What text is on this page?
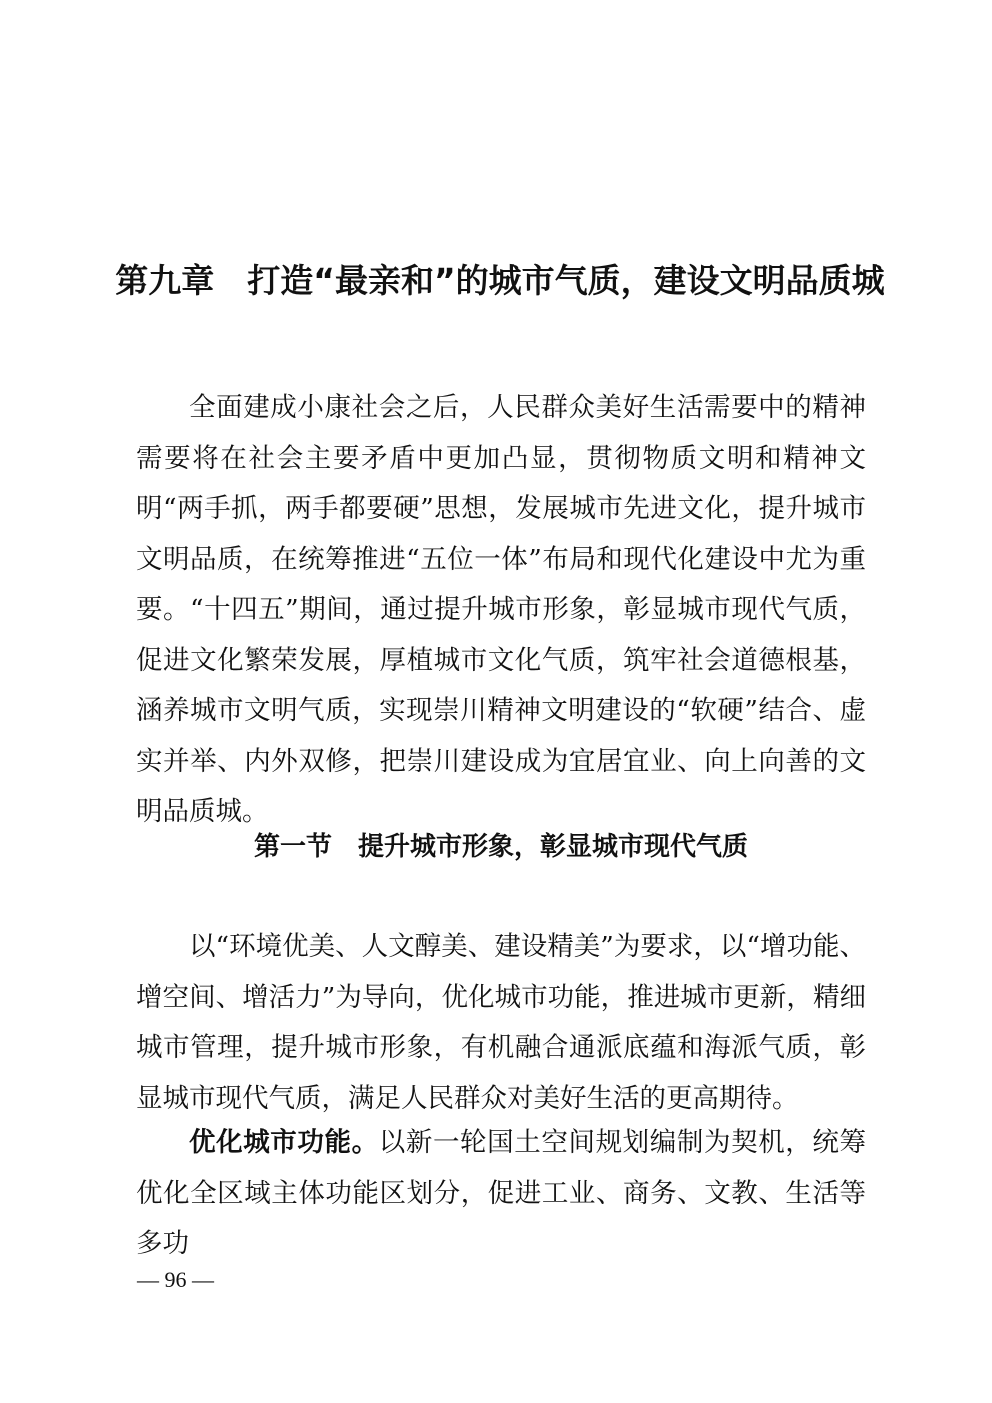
第九章　打造“最亲和”的城市气质，建设文明品质城

全面建成小康社会之后，人民群众美好生活需要中的精神需要将在社会主要矛盾中更加凸显，贯彻物质文明和精神文明“两手抓，两手都要硬”思想，发展城市先进文化，提升城市文明品质，在统筹推进“五位一体”布局和现代化建设中尤为重要。“十四五”期间，通过提升城市形象，彰显城市现代气质，促进文化繁荣发展，厚植城市文化气质，筑牢社会道德根基，涵养城市文明气质，实现崇川精神文明建设的“软硬”结合、虚实并举、内外双修，把崇川建设成为宜居宜业、向上向善的文明品质城。

第一节　提升城市形象，彰显城市现代气质

以“环境优美、人文醇美、建设精美”为要求，以“增功能、增空间、增活力”为导向，优化城市功能，推进城市更新，精细城市管理，提升城市形象，有机融合通派底蕴和海派气质，彰显城市现代气质，满足人民群众对美好生活的更高期待。

优化城市功能。以新一轮国土空间规划编制为契机，统筹优化全区域主体功能区划分，促进工业、商务、文教、生活等多功

— 96 —
